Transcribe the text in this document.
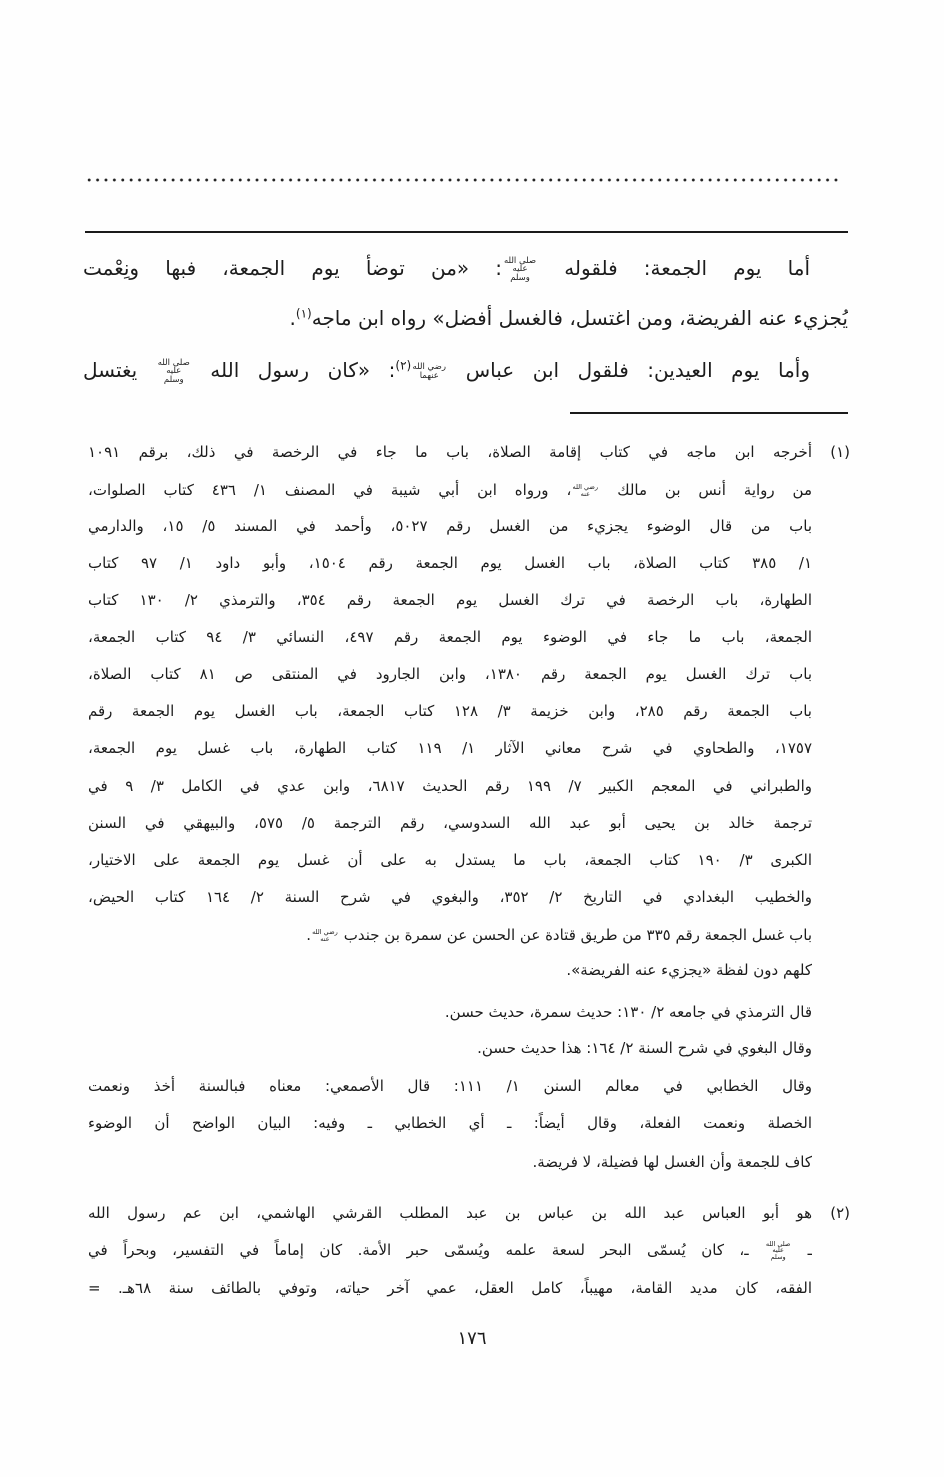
أما يوم الجمعة: فلقوله صلى الله عليه وسلم: «من توضأ يوم الجمعة، فبها ونِعْمت
يُجزيء عنه الفريضة، ومن اغتسل، فالغسل أفضل» رواه ابن ماجه$^{(١)}$.
وأما يوم العيدين: فلقول ابن عباس رضي الله عنهما$^{(٢)}$: «كان رسول الله صلى الله عليه وسلم يغتسل
(١)
أخرجه ابن ماجه في كتاب إقامة الصلاة، باب ما جاء في الرخصة في ذلك، برقم ١٠٩١
من رواية أنس بن مالك رضي الله عنه، ورواه ابن أبي شيبة في المصنف ١/ ٤٣٦ كتاب الصلوات،
باب من قال الوضوء يجزيء من الغسل رقم ٥٠٢٧، وأحمد في المسند ٥/ ١٥، والدارمي
١/ ٣٨٥ كتاب الصلاة، باب الغسل يوم الجمعة رقم ١٥٠٤، وأبو داود ١/ ٩٧ كتاب
الطهارة، باب الرخصة في ترك الغسل يوم الجمعة رقم ٣٥٤، والترمذي ٢/ ١٣٠ كتاب
الجمعة، باب ما جاء في الوضوء يوم الجمعة رقم ٤٩٧، النسائي ٣/ ٩٤ كتاب الجمعة،
باب ترك الغسل يوم الجمعة رقم ١٣٨٠، وابن الجارود في المنتقى ص ٨١ كتاب الصلاة،
باب الجمعة رقم ٢٨٥، وابن خزيمة ٣/ ١٢٨ كتاب الجمعة، باب الغسل يوم الجمعة رقم
١٧٥٧، والطحاوي في شرح معاني الآثار ١/ ١١٩ كتاب الطهارة، باب غسل يوم الجمعة،
والطبراني في المعجم الكبير ٧/ ١٩٩ رقم الحديث ٦٨١٧، وابن عدي في الكامل ٣/ ٩ في
ترجمة خالد بن يحيى أبو عبد الله السدوسي، رقم الترجمة ٥/ ٥٧٥، والبيهقي في السنن
الكبرى ٣/ ١٩٠ كتاب الجمعة، باب ما يستدل به على أن غسل يوم الجمعة على الاختيار،
والخطيب البغدادي في التاريخ ٢/ ٣٥٢، والبغوي في شرح السنة ٢/ ١٦٤ كتاب الحيض،
باب غسل الجمعة رقم ٣٣٥ من طريق قتادة عن الحسن عن سمرة بن جندب رضي الله عنه.
كلهم دون لفظة «يجزيء عنه الفريضة».
قال الترمذي في جامعه ٢/ ١٣٠: حديث سمرة، حديث حسن.
وقال البغوي في شرح السنة ٢/ ١٦٤: هذا حديث حسن.
وقال الخطابي في معالم السنن ١/ ١١١: قال الأصمعي: معناه فبالسنة أخذ ونعمت
الخصلة ونعمت الفعلة، وقال أيضاً: ـ أي الخطابي ـ وفيه: البيان الواضح أن الوضوء
كاف للجمعة وأن الغسل لها فضيلة، لا فريضة.
(٢)
هو أبو العباس عبد الله بن عباس بن عبد المطلب القرشي الهاشمي، ابن عم رسول الله
ـ صلى الله عليه وسلم ـ، كان يُسمّى البحر لسعة علمه ويُسمّى حبر الأمة. كان إماماً في التفسير، وبحراً في
الفقه، كان مديد القامة، مهيباً، كامل العقل، عمي آخر حياته، وتوفي بالطائف سنة ٦٨هـ. =
١٧٦
